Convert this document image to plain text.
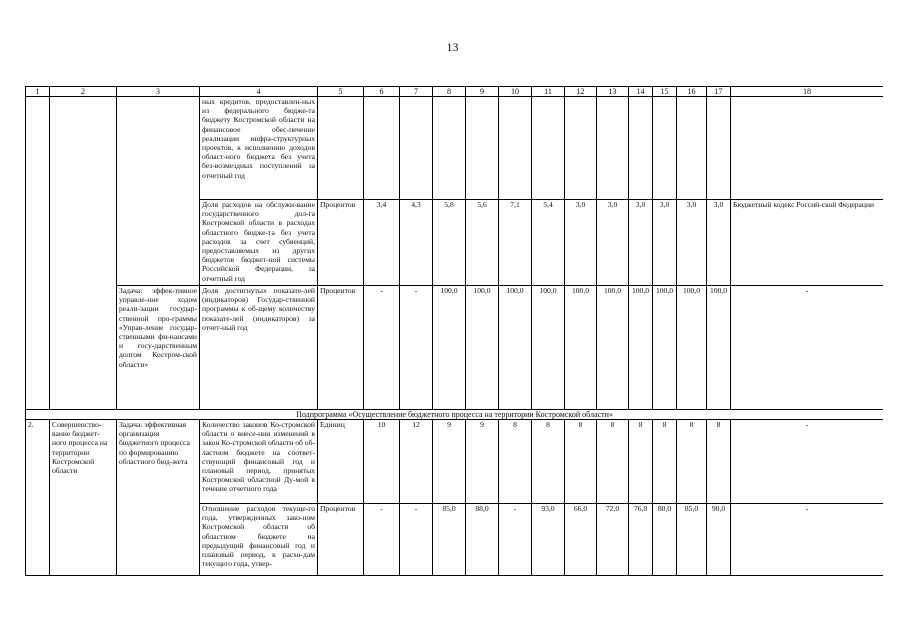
13
1	2	3	4	5	6	7	8	9	10	11	12	13	14	15	16	17	18
			ных кредитов, предоставлен-ных из федерального бюдже-та бюджету Костромской области на финансовое обес-печение реализации инфра-структурных проектов, к исполнению доходов област-ного бюджета без учета без-возмездных поступлений за отчетный год														
			Доля расходов на обслужи-вание государственного дол-га Костромской области в расходах областного бюдже-та без учета расходов за счет субвенций, предоставляемых из других бюджетов бюджет-ной системы Российской Федерации, за отчетный год	Процентов	3,4	4,3	5,8	5,6	7,1	5,4	3,0	3,0	3,0	3,0	3,0	3,0	Бюджетный кодекс Россий-ской Федерации
		Задача: эффек-тивное управле-ние ходом реали-зации государ-ственной про-граммы «Управ-ление государ-ственными фи-нансами и госу-дарственным долгом Костром-ской области»	Доля достигнутых показате-лей (индикаторов) Государ-ственной программы к об-щему количеству показате-лей (индикаторов) за отчет-ный год	Процентов	-	-	100,0	100,0	100,0	100,0	100,0	100,0	100,0	100,0	100,0	100,0	-
Подпрограмма «Осуществление бюджетного процесса на территории Костромской области»																	
2.	Совершенство-вание бюджет-ного процесса на территории Костромской области	Задача: эффективная организация бюджетного процесса по формированию областного бюд-жета	Количество законов Ко-стромской области о внесе-нии изменений в закон Ко-стромской области об об-ластном бюджете на соответ-ствующий финансовый год и плановый период, принятых Костромской областной Ду-мой в течение отчетного года	Единиц	10	12	9	9	8	8	8	8	8	8	8	8	-
			Отношение расходов текуще-го года, утвержденных зако-ном Костромской области об областном бюджете на предыдущий финансовый год и плановый период, к расхо-дам текущего года, утвер-	Процентов	-	-	85,0	88,0	-	93,0	66,0	72,0	76,0	80,0	85,0	90,0	-
